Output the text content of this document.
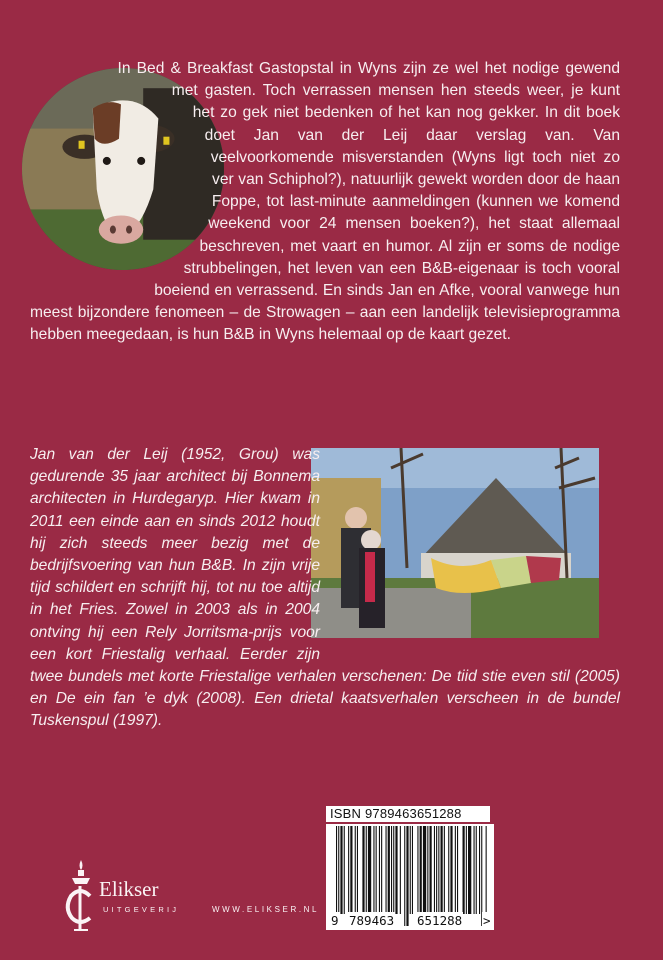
In Bed & Breakfast Gastopstal in Wyns zijn ze wel het nodige gewend met gasten. Toch verrassen mensen hen steeds weer, je kunt het zo gek niet bedenken of het kan nog gekker. In dit boek doet Jan van der Leij daar verslag van. Van veelvoorkomende misverstanden (Wyns ligt toch niet zo ver van Schiphol?), natuurlijk gewekt worden door de haan Foppe, tot last-minute aanmeldingen (kunnen we komend weekend voor 24 mensen boeken?), het staat allemaal beschreven, met vaart en humor. Al zijn er soms de nodige strubbelingen, het leven van een B&B-eigenaar is toch vooral boeiend en verrassend. En sinds Jan en Afke, vooral vanwege hun meest bijzondere fenomeen – de Strowagen – aan een landelijk televisieprogramma hebben meegedaan, is hun B&B in Wyns helemaal op de kaart gezet.

Jan van der Leij (1952, Grou) was gedurende 35 jaar architect bij Bonnema architecten in Hurdegaryp. Hier kwam in 2011 een einde aan en sinds 2012 houdt hij zich steeds meer bezig met de bedrijfsvoering van hun B&B. In zijn vrije tijd schildert en schrijft hij, tot nu toe altijd in het Fries. Zowel in 2003 als in 2004 ontving hij een Rely Jorritsma-prijs voor een kort Friestalig verhaal. Eerder zijn twee bundels met korte Friestalige verhalen verschenen: De tiid stie even stil (2005) en De ein fan ’e dyk (2008). Een drietal kaatsverhalen verscheen in de bundel Tuskenspul (1997).

ISBN 9789463651288
9 789463 651288 >
Elikser
UITGEVERIJ	WWW.ELIKSER.NL
